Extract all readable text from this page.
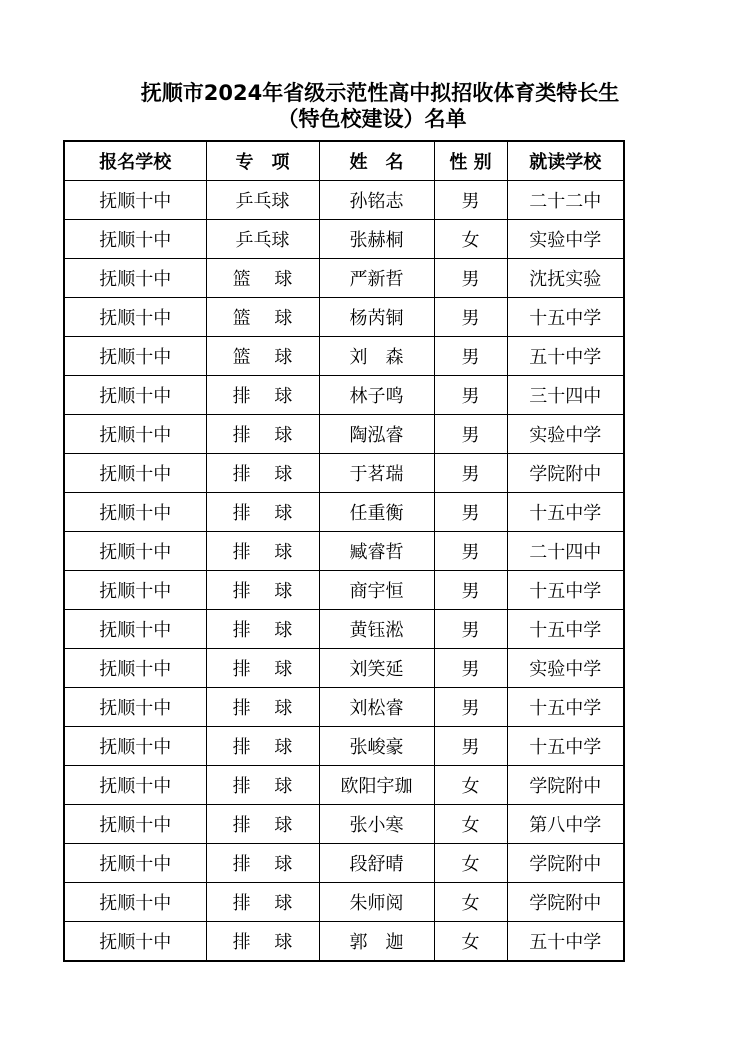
抚顺市2024年省级示范性高中拟招收体育类特长生
（特色校建设）名单
报名学校	专　项	姓　名	性 别	就读学校
抚顺十中	乒乓球	孙铭志	男	二十二中
抚顺十中	乒乓球	张赫桐	女	实验中学
抚顺十中	篮　 球	严新哲	男	沈抚实验
抚顺十中	篮　 球	杨芮铜	男	十五中学
抚顺十中	篮　 球	刘　森	男	五十中学
抚顺十中	排　 球	林子鸣	男	三十四中
抚顺十中	排　 球	陶泓睿	男	实验中学
抚顺十中	排　 球	于茗瑞	男	学院附中
抚顺十中	排　 球	任重衡	男	十五中学
抚顺十中	排　 球	臧睿哲	男	二十四中
抚顺十中	排　 球	商宇恒	男	十五中学
抚顺十中	排　 球	黄钰淞	男	十五中学
抚顺十中	排　 球	刘笑延	男	实验中学
抚顺十中	排　 球	刘松睿	男	十五中学
抚顺十中	排　 球	张峻豪	男	十五中学
抚顺十中	排　 球	欧阳宇珈	女	学院附中
抚顺十中	排　 球	张小寒	女	第八中学
抚顺十中	排　 球	段舒晴	女	学院附中
抚顺十中	排　 球	朱师阅	女	学院附中
抚顺十中	排　 球	郭　迦	女	五十中学
